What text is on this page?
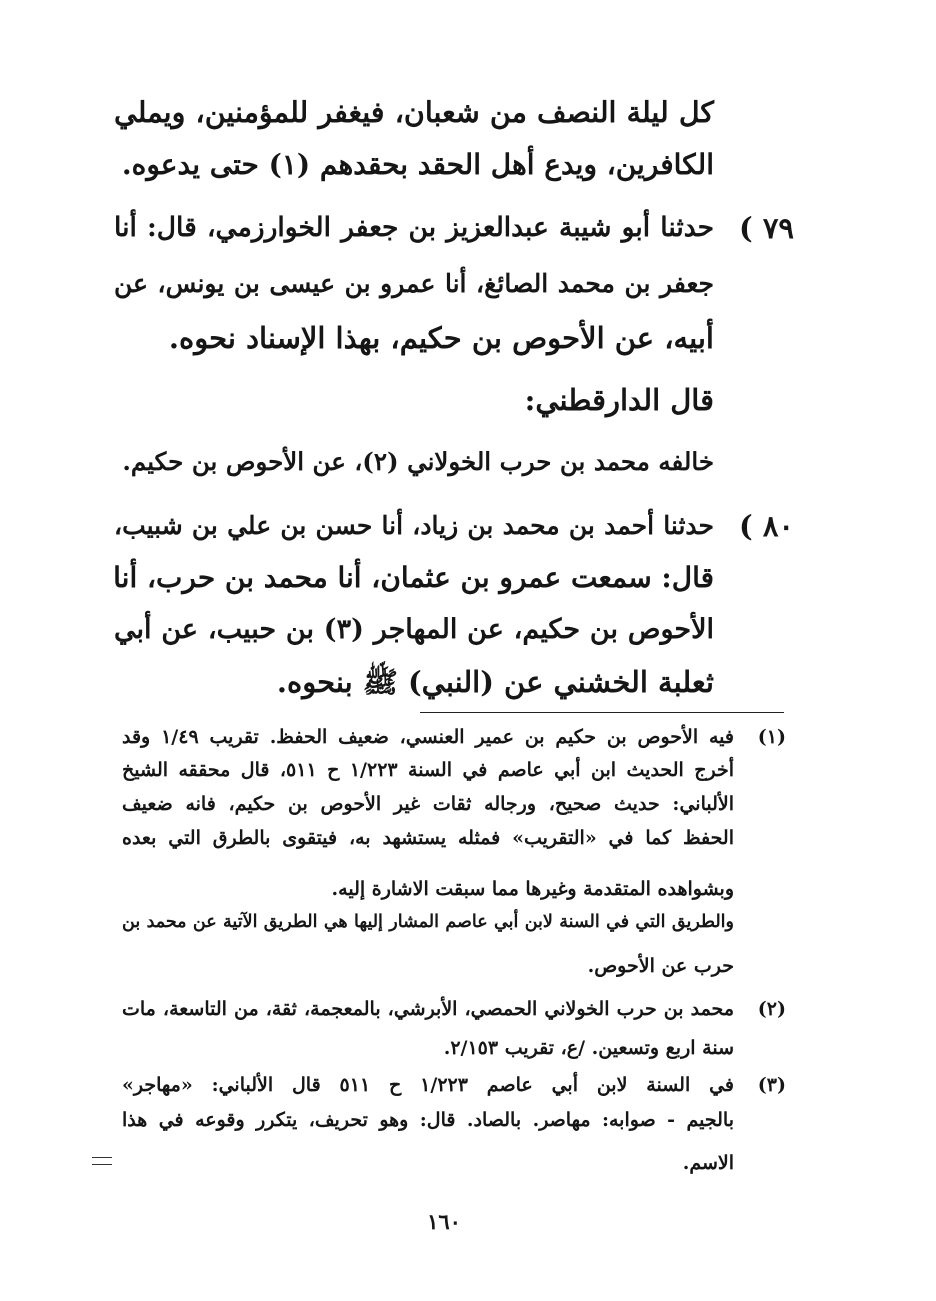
كل ليلة النصف من شعبان، فيغفر للمؤمنين، ويملي
الكافرين، ويدع أهل الحقد بحقدهم (١) حتى يدعوه.
٧٩ )
حدثنا أبو شيبة عبدالعزيز بن جعفر الخوارزمي، قال: أنا
جعفر بن محمد الصائغ، أنا عمرو بن عيسى بن يونس، عن
أبيه، عن الأحوص بن حكيم، بهذا الإسناد نحوه.
قال الدارقطني:
خالفه محمد بن حرب الخولاني (٢)، عن الأحوص بن حكيم.
٨٠ )
حدثنا أحمد بن محمد بن زياد، أنا حسن بن علي بن شبيب،
قال: سمعت عمرو بن عثمان، أنا محمد بن حرب، أنا
الأحوص بن حكيم، عن المهاجر (٣) بن حبيب، عن أبي
ثعلبة الخشني عن (النبي) ﷺ بنحوه.
(١)
فيه الأحوص بن حكيم بن عمير العنسي، ضعيف الحفظ. تقريب ١/٤٩ وقد
أخرج الحديث ابن أبي عاصم في السنة ١/٢٢٣ ح ٥١١، قال محققه الشيخ
الألباني: حديث صحيح، ورجاله ثقات غير الأحوص بن حكيم، فانه ضعيف
الحفظ كما في «التقريب» فمثله يستشهد به، فيتقوى بالطرق التي بعده
وبشواهده المتقدمة وغيرها مما سبقت الاشارة إليه.
والطريق التي في السنة لابن أبي عاصم المشار إليها هي الطريق الآتية عن محمد بن
حرب عن الأحوص.
(٢)
محمد بن حرب الخولاني الحمصي، الأبرشي، بالمعجمة، ثقة، من التاسعة، مات
سنة اربع وتسعين. /ع، تقريب ٢/١٥٣.
(٣)
في السنة لابن أبي عاصم ١/٢٢٣ ح ٥١١ قال الألباني: «مهاجر»
بالجيم - صوابه: مهاصر. بالصاد. قال: وهو تحريف، يتكرر وقوعه في هذا
الاسم.
١٦٠
